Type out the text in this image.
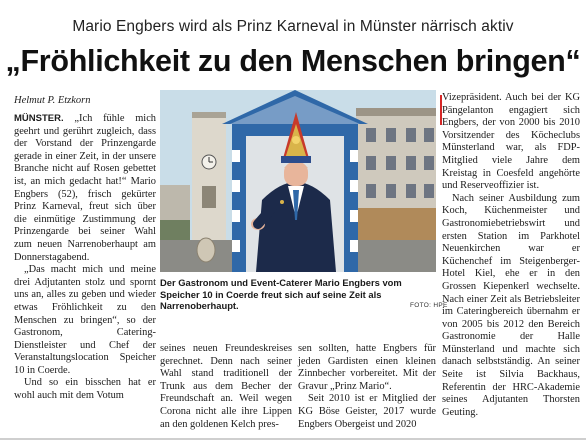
Mario Engbers wird als Prinz Karneval in Münster närrisch aktiv
„Fröhlichkeit zu den Menschen bringen“
Helmut P. Etzkorn

MÜNSTER. „Ich fühle mich geehrt und gerührt zugleich, dass der Vorstand der Prinzengarde gerade in einer Zeit, in der unsere Branche nicht auf Rosen gebettet ist, an mich gedacht hat!“ Mario Engbers (52), frisch gekürter Prinz Karneval, freut sich über die einmütige Zustimmung der Prinzengarde bei seiner Wahl zum neuen Narrenoberhaupt am Donnerstagabend.

„Das macht mich und meine drei Adjutanten stolz und spornt uns an, alles zu geben und wieder etwas Fröhlichkeit zu den Menschen zu bringen“, so der Gastronom, Catering-Dienstleister und Chef der Veranstaltungslocation Speicher 10 in Coerde.

Und so ein bisschen hat er wohl auch mit dem Votum

Der Gastronom und Event-Caterer Mario Engbers vom Speicher 10 in Coerde freut sich auf seine Zeit als Narrenoberhaupt.	FOTO: HPE

seines neuen Freundeskreises gerechnet. Denn nach seiner Wahl stand traditionell der Trunk aus dem Becher der Freundschaft an. Weil wegen Corona nicht alle ihre Lippen an den goldenen Kelch pres-

sen sollten, hatte Engbers für jeden Gardisten einen kleinen Zinnbecher vorbereitet. Mit der Gravur „Prinz Mario“.

Seit 2010 ist er Mitglied der KG Böse Geister, 2017 wurde Engbers Obergeist und 2020

Vizepräsident. Auch bei der KG Pängelanton engagiert sich Engbers, der von 2000 bis 2010 Vorsitzender des Köcheclubs Münsterland war, als FDP-Mitglied viele Jahre dem Kreistag in Coesfeld angehörte und Reserveoffizier ist.

Nach seiner Ausbildung zum Koch, Küchenmeister und Gastronomiebetriebswirt und ersten Station im Parkhotel Neuenkirchen war er Küchenchef im Steigenberger-Hotel Kiel, ehe er in den Grossen Kiepenkerl wechselte. Nach einer Zeit als Betriebsleiter im Cateringbereich übernahm er von 2005 bis 2012 den Bereich Gastronomie der Halle Münsterland und machte sich danach selbstständig. An seiner Seite ist Silvia Backhaus, Referentin der HRC-Akademie seines Adjutanten Thorsten Geuting.
